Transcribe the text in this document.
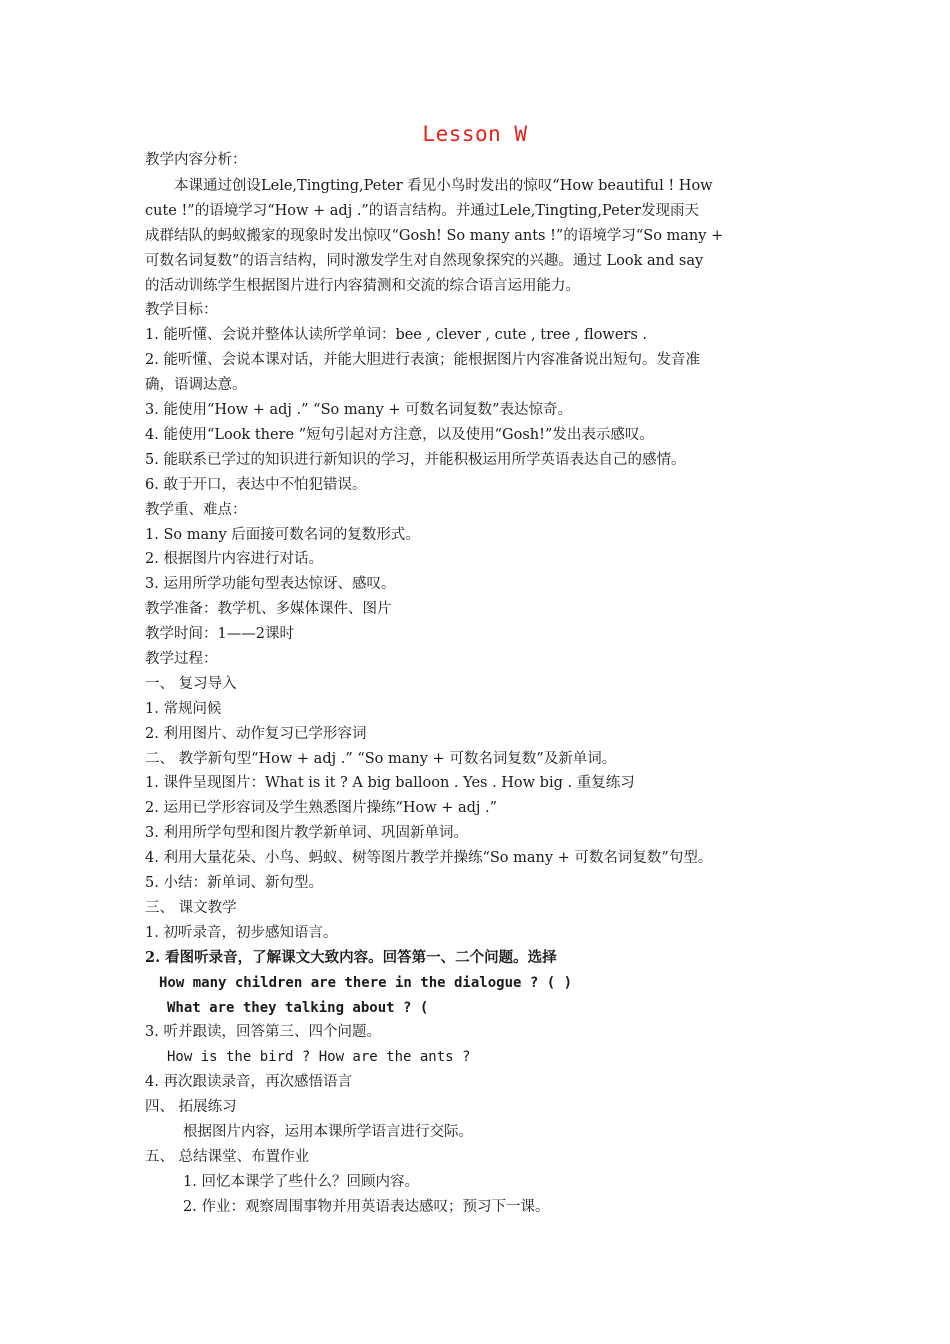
Lesson W
教学内容分析：
　　本课通过创设Lele,Tingting,Peter 看见小鸟时发出的惊叹“How beautiful ! How
cute !”的语境学习“How + adj .”的语言结构。并通过Lele,Tingting,Peter发现雨天
成群结队的蚂蚁搬家的现象时发出惊叹“Gosh! So many ants !”的语境学习“So many +
可数名词复数”的语言结构，同时激发学生对自然现象探究的兴趣。通过 Look and say
的活动训练学生根据图片进行内容猜测和交流的综合语言运用能力。
教学目标：
1. 能听懂、会说并整体认读所学单词：bee , clever , cute , tree , flowers .
2. 能听懂、会说本课对话，并能大胆进行表演；能根据图片内容准备说出短句。发音准
确，语调达意。
3. 能使用“How + adj .” “So many + 可数名词复数”表达惊奇。
4. 能使用“Look there ”短句引起对方注意，以及使用“Gosh!”发出表示感叹。
5. 能联系已学过的知识进行新知识的学习，并能积极运用所学英语表达自己的感情。
6. 敢于开口，表达中不怕犯错误。
教学重、难点：
1. So many 后面接可数名词的复数形式。
2. 根据图片内容进行对话。
3. 运用所学功能句型表达惊讶、感叹。
教学准备：教学机、多媒体课件、图片
教学时间：1——2课时
教学过程：
一、 复习导入
1. 常规问候
2. 利用图片、动作复习已学形容词
二、 教学新句型“How + adj .” “So many + 可数名词复数”及新单词。
1. 课件呈现图片：What is it ? A big balloon . Yes . How big . 重复练习
2. 运用已学形容词及学生熟悉图片操练“How + adj .”
3. 利用所学句型和图片教学新单词、巩固新单词。
4. 利用大量花朵、小鸟、蚂蚁、树等图片教学并操练“So many + 可数名词复数”句型。
5. 小结：新单词、新句型。
三、 课文教学
1. 初听录音，初步感知语言。
2. 看图听录音，了解课文大致内容。回答第一、二个问题。选择
How many children are there in the dialogue ? ( )
What are they talking about ? (
3. 听并跟读，回答第三、四个问题。
How is the bird ? How are the ants ?
4. 再次跟读录音，再次感悟语言
四、 拓展练习
根据图片内容，运用本课所学语言进行交际。
五、 总结课堂、布置作业
1. 回忆本课学了些什么？回顾内容。
2. 作业：观察周围事物并用英语表达感叹；预习下一课。
